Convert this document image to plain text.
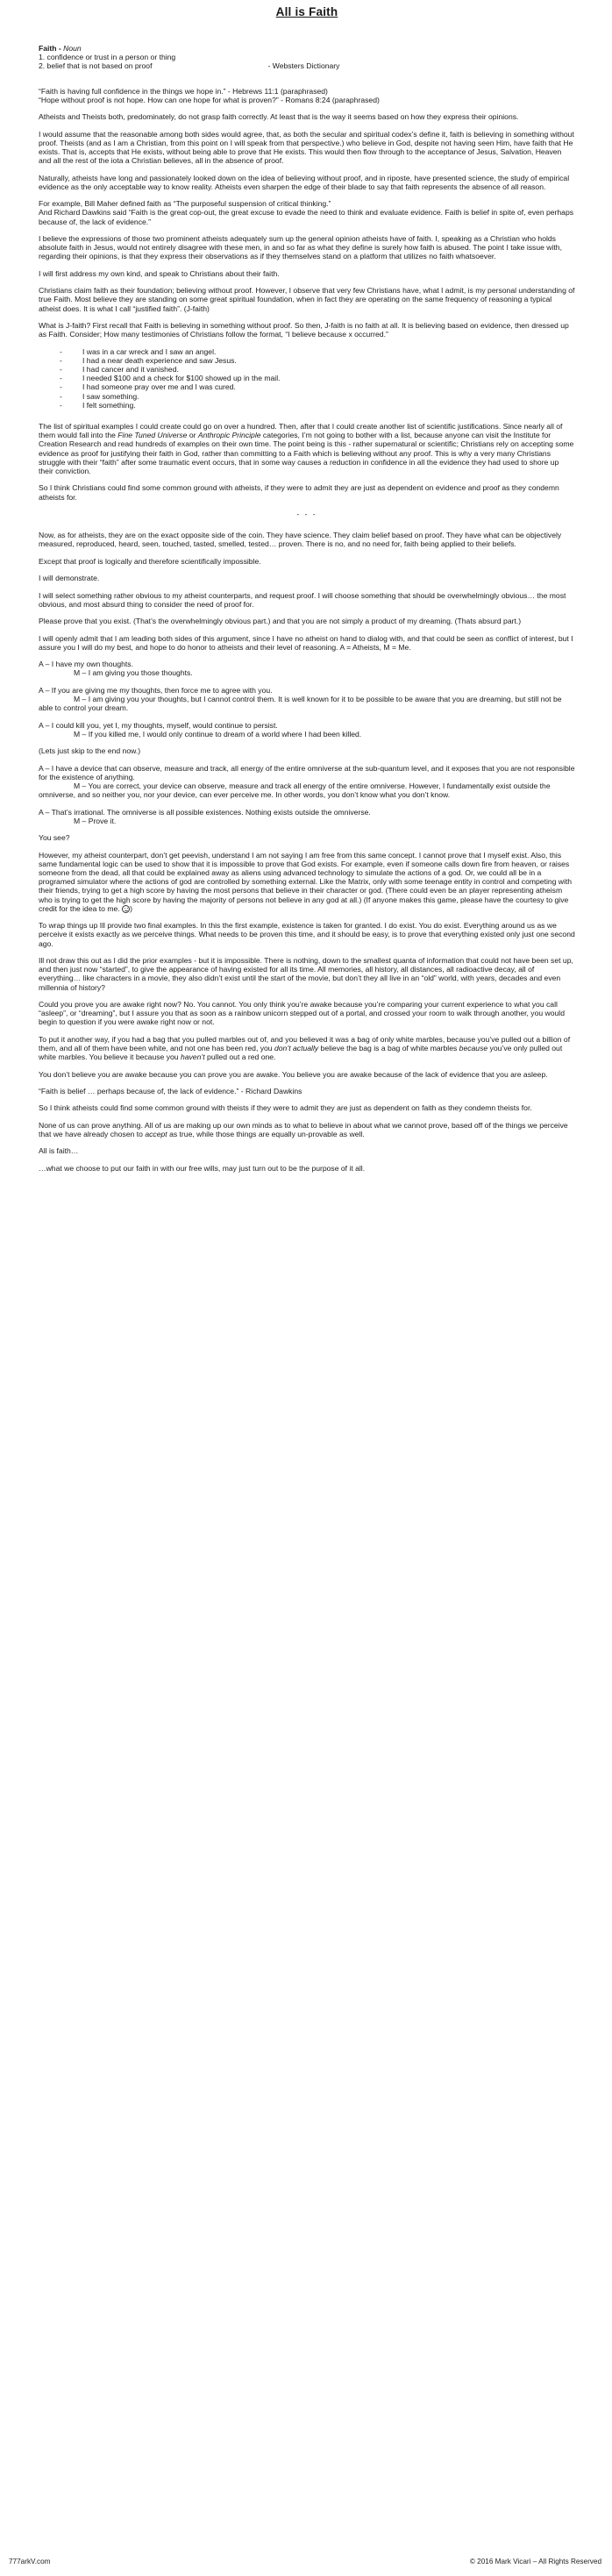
All is Faith
Faith - Noun
1. confidence or trust in a person or thing
2. belief that is not based on proof	- Websters Dictionary

“Faith is having full confidence in the things we hope in.” - Hebrews 11:1 (paraphrased)
“Hope without proof is not hope. How can one hope for what is proven?” - Romans 8:24 (paraphrased)

Atheists and Theists both, predominately, do not grasp faith correctly. At least that is the way it seems based on how they express their opinions.

I would assume that the reasonable among both sides would agree, that, as both the secular and spiritual codex’s define it, faith is believing in something without proof. Theists (and as I am a Christian, from this point on I will speak from that perspective.) who believe in God, despite not having seen Him, have faith that He exists. That is, accepts that He exists, without being able to prove that He exists. This would then flow through to the acceptance of Jesus, Salvation, Heaven and all the rest of the iota a Christian believes, all in the absence of proof.

Naturally, atheists have long and passionately looked down on the idea of believing without proof, and in riposte, have presented science, the study of empirical evidence as the only acceptable way to know reality. Atheists even sharpen the edge of their blade to say that faith represents the absence of all reason.

For example, Bill Maher defined faith as “The purposeful suspension of critical thinking.”
And Richard Dawkins said “Faith is the great cop-out, the great excuse to evade the need to think and evaluate evidence. Faith is belief in spite of, even perhaps because of, the lack of evidence.”

I believe the expressions of those two prominent atheists adequately sum up the general opinion atheists have of faith. I, speaking as a Christian who holds absolute faith in Jesus, would not entirely disagree with these men, in and so far as what they define is surely how faith is abused. The point I take issue with, regarding their opinions, is that they express their observations as if they themselves stand on a platform that utilizes no faith whatsoever.

I will first address my own kind, and speak to Christians about their faith.

Christians claim faith as their foundation; believing without proof. However, I observe that very few Christians have, what I admit, is my personal understanding of true Faith. Most believe they are standing on some great spiritual foundation, when in fact they are operating on the same frequency of reasoning a typical atheist does. It is what I call “justified faith”. (J-faith)

What is J-faith? First recall that Faith is believing in something without proof. So then, J-faith is no faith at all. It is believing based on evidence, then dressed up as Faith. Consider; How many testimonies of Christians follow the format, “I believe because x occurred.”

- I was in a car wreck and I saw an angel.
- I had a near death experience and saw Jesus.
- I had cancer and it vanished.
- I needed $100 and a check for $100 showed up in the mail.
- I had someone pray over me and I was cured.
- I saw something.
- I felt something.

The list of spiritual examples I could create could go on over a hundred. Then, after that I could create another list of scientific justifications. Since nearly all of them would fall into the Fine Tuned Universe or Anthropic Principle categories, I’m not going to bother with a list, because anyone can visit the Institute for Creation Research and read hundreds of examples on their own time. The point being is this - rather supernatural or scientific; Christians rely on accepting some evidence as proof for justifying their faith in God, rather than committing to a Faith which is believing without any proof. This is why a very many Christians struggle with their “faith” after some traumatic event occurs, that in some way causes a reduction in confidence in all the evidence they had used to shore up their conviction.

So I think Christians could find some common ground with atheists, if they were to admit they are just as dependent on evidence and proof as they condemn atheists for.

- - -

Now, as for atheists, they are on the exact opposite side of the coin. They have science. They claim belief based on proof. They have what can be objectively measured, reproduced, heard, seen, touched, tasted, smelled, tested… proven. There is no, and no need for, faith being applied to their beliefs.

Except that proof is logically and therefore scientifically impossible.

I will demonstrate.

I will select something rather obvious to my atheist counterparts, and request proof. I will choose something that should be overwhelmingly obvious… the most obvious, and most absurd thing to consider the need of proof for.

Please prove that you exist. (That’s the overwhelmingly obvious part.) and that you are not simply a product of my dreaming. (Thats absurd part.)

I will openly admit that I am leading both sides of this argument, since I have no atheist on hand to dialog with, and that could be seen as conflict of interest, but I assure you I will do my best, and hope to do honor to atheists and their level of reasoning. A = Atheists, M = Me.

A – I have my own thoughts.

M – I am giving you those thoughts.

A – If you are giving me my thoughts, then force me to agree with you.

M – I am giving you your thoughts, but I cannot control them. It is well known for it to be possible to be aware that you are dreaming, but still not be able to control your dream.

A – I could kill you, yet I, my thoughts, myself, would continue to persist.

M – If you killed me, I would only continue to dream of a world where I had been killed.

(Lets just skip to the end now.)

A – I have a device that can observe, measure and track, all energy of the entire omniverse at the sub-quantum level, and it exposes that you are not responsible for the existence of anything.

M – You are correct, your device can observe, measure and track all energy of the entire omniverse. However, I fundamentally exist outside the omniverse, and so neither you, nor your device, can ever perceive me. In other words, you don’t know what you don’t know.

A – That’s irrational. The omniverse is all possible existences. Nothing exists outside the omniverse.

M – Prove it.

You see?

However, my atheist counterpart, don’t get peevish, understand I am not saying I am free from this same concept. I cannot prove that I myself exist. Also, this same fundamental logic can be used to show that it is impossible to prove that God exists. For example, even if someone calls down fire from heaven, or raises someone from the dead, all that could be explained away as aliens using advanced technology to simulate the actions of a god. Or, we could all be in a programed simulator where the actions of god are controlled by something external. Like the Matrix, only with some teenage entity in control and competing with their friends, trying to get a high score by having the most persons that believe in their character or god. (There could even be an player representing atheism who is trying to get the high score by having the majority of persons not believe in any god at all.) (If anyone makes this game, please have the courtesy to give credit for the idea to me. )

To wrap things up Ill provide two final examples. In this the first example, existence is taken for granted. I do exist. You do exist. Everything around us as we perceive it exists exactly as we perceive things. What needs to be proven this time, and it should be easy, is to prove that everything existed only just one second ago.

Ill not draw this out as I did the prior examples - but it is impossible. There is nothing, down to the smallest quanta of information that could not have been set up, and then just now “started”, to give the appearance of having existed for all its time. All memories, all history, all distances, all radioactive decay, all of everything… like characters in a movie, they also didn’t exist until the start of the movie, but don’t they all live in an “old” world, with years, decades and even millennia of history?

Could you prove you are awake right now? No. You cannot. You only think you’re awake because you’re comparing your current experience to what you call “asleep”, or “dreaming”, but I assure you that as soon as a rainbow unicorn stepped out of a portal, and crossed your room to walk through another, you would begin to question if you were awake right now or not.

To put it another way, if you had a bag that you pulled marbles out of, and you believed it was a bag of only white marbles, because you’ve pulled out a billion of them, and all of them have been white, and not one has been red, you don’t actually believe the bag is a bag of white marbles because you’ve only pulled out white marbles. You believe it because you haven’t pulled out a red one.

You don’t believe you are awake because you can prove you are awake. You believe you are awake because of the lack of evidence that you are asleep.

“Faith is belief … perhaps because of, the lack of evidence.” - Richard Dawkins

So I think atheists could find some common ground with theists if they were to admit they are just as dependent on faith as they condemn theists for.

None of us can prove anything. All of us are making up our own minds as to what to believe in about what we cannot prove, based off of the things we perceive that we have already chosen to accept as true, while those things are equally un-provable as well.

All is faith…

…what we choose to put our faith in with our free wills, may just turn out to be the purpose of it all.

777arkV.com	© 2016 Mark Vicari – All Rights Reserved
